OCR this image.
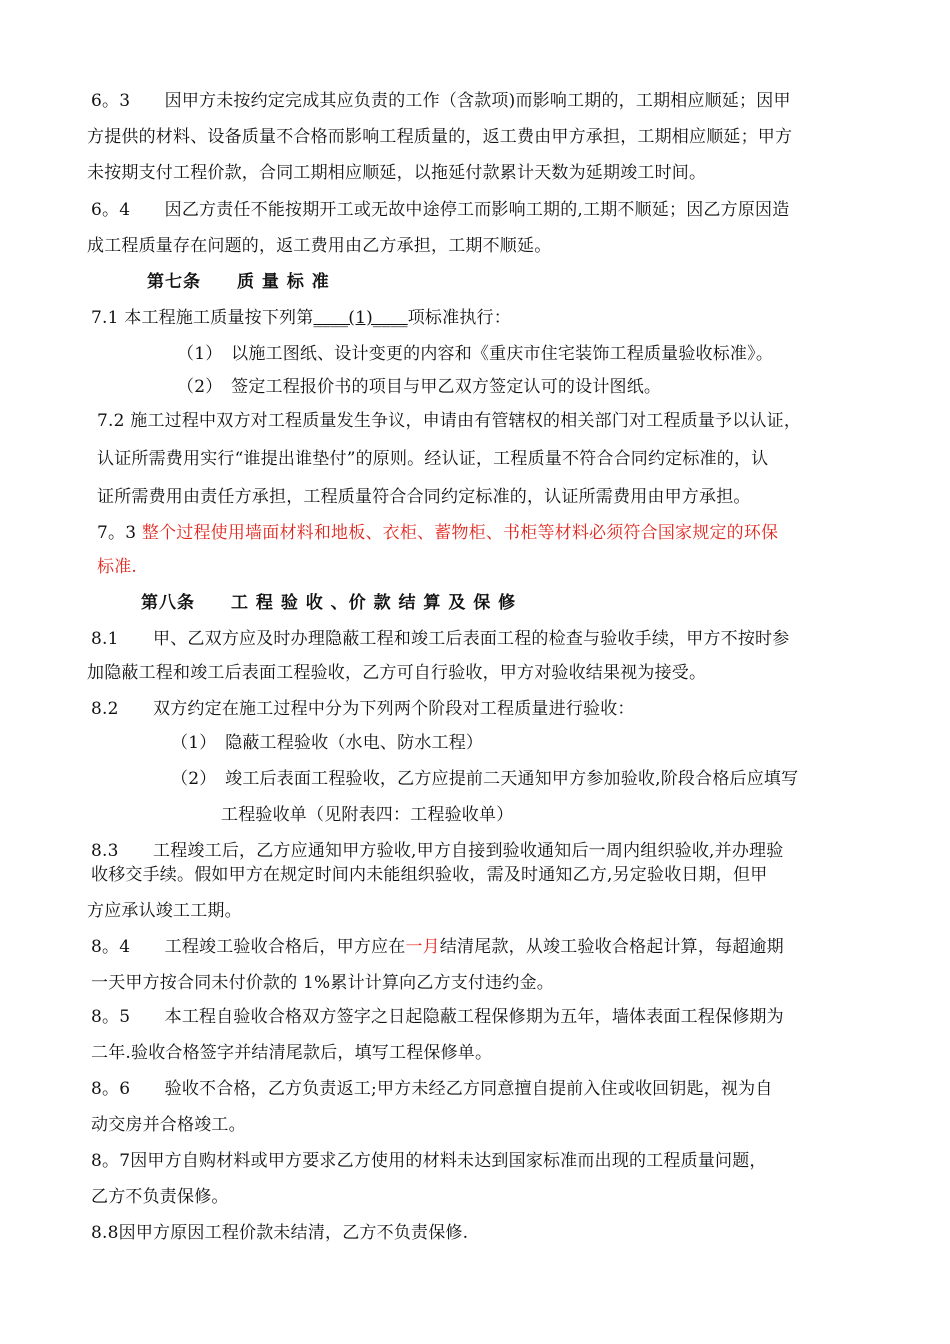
6。3　　因甲方未按约定完成其应负责的工作（含款项)而影响工期的，工期相应顺延；因甲
方提供的材料、设备质量不合格而影响工程质量的，返工费由甲方承担，工期相应顺延；甲方
未按期支付工程价款，合同工期相应顺延，以拖延付款累计天数为延期竣工时间。
6。4　　因乙方责任不能按期开工或无故中途停工而影响工期的,工期不顺延；因乙方原因造
成工程质量存在问题的，返工费用由乙方承担，工期不顺延。
第七条　　质 量 标 准
7.1 本工程施工质量按下列第____(1)____项标准执行：
（1）　以施工图纸、设计变更的内容和《重庆市住宅装饰工程质量验收标准》。
（2）　签定工程报价书的项目与甲乙双方签定认可的设计图纸。
7.2 施工过程中双方对工程质量发生争议，申请由有管辖权的相关部门对工程质量予以认证，
认证所需费用实行“谁提出谁垫付”的原则。经认证，工程质量不符合合同约定标准的，认
证所需费用由责任方承担，工程质量符合合同约定标准的，认证所需费用由甲方承担。
7。3 整个过程使用墙面材料和地板、衣柜、蓄物柜、书柜等材料必须符合国家规定的环保
标准.
第八条　　工 程 验 收 、价 款 结 算 及 保 修
8.1　　甲、乙双方应及时办理隐蔽工程和竣工后表面工程的检查与验收手续，甲方不按时参
加隐蔽工程和竣工后表面工程验收，乙方可自行验收，甲方对验收结果视为接受。
8.2　　双方约定在施工过程中分为下列两个阶段对工程质量进行验收：
（1）　隐蔽工程验收（水电、防水工程）
（2）　竣工后表面工程验收，乙方应提前二天通知甲方参加验收,阶段合格后应填写
工程验收单（见附表四：工程验收单）
8.3　　工程竣工后，乙方应通知甲方验收,甲方自接到验收通知后一周内组织验收,并办理验
收移交手续。假如甲方在规定时间内未能组织验收，需及时通知乙方,另定验收日期，但甲
方应承认竣工工期。
8。4　　工程竣工验收合格后，甲方应在一月结清尾款，从竣工验收合格起计算，每超逾期
一天甲方按合同未付价款的 1%累计计算向乙方支付违约金。
8。5　　本工程自验收合格双方签字之日起隐蔽工程保修期为五年，墙体表面工程保修期为
二年.验收合格签字并结清尾款后，填写工程保修单。
8。6　　验收不合格，乙方负责返工;甲方未经乙方同意擅自提前入住或收回钥匙，视为自
动交房并合格竣工。
8。7因甲方自购材料或甲方要求乙方使用的材料未达到国家标准而出现的工程质量问题，
乙方不负责保修。
8.8因甲方原因工程价款未结清，乙方不负责保修.
